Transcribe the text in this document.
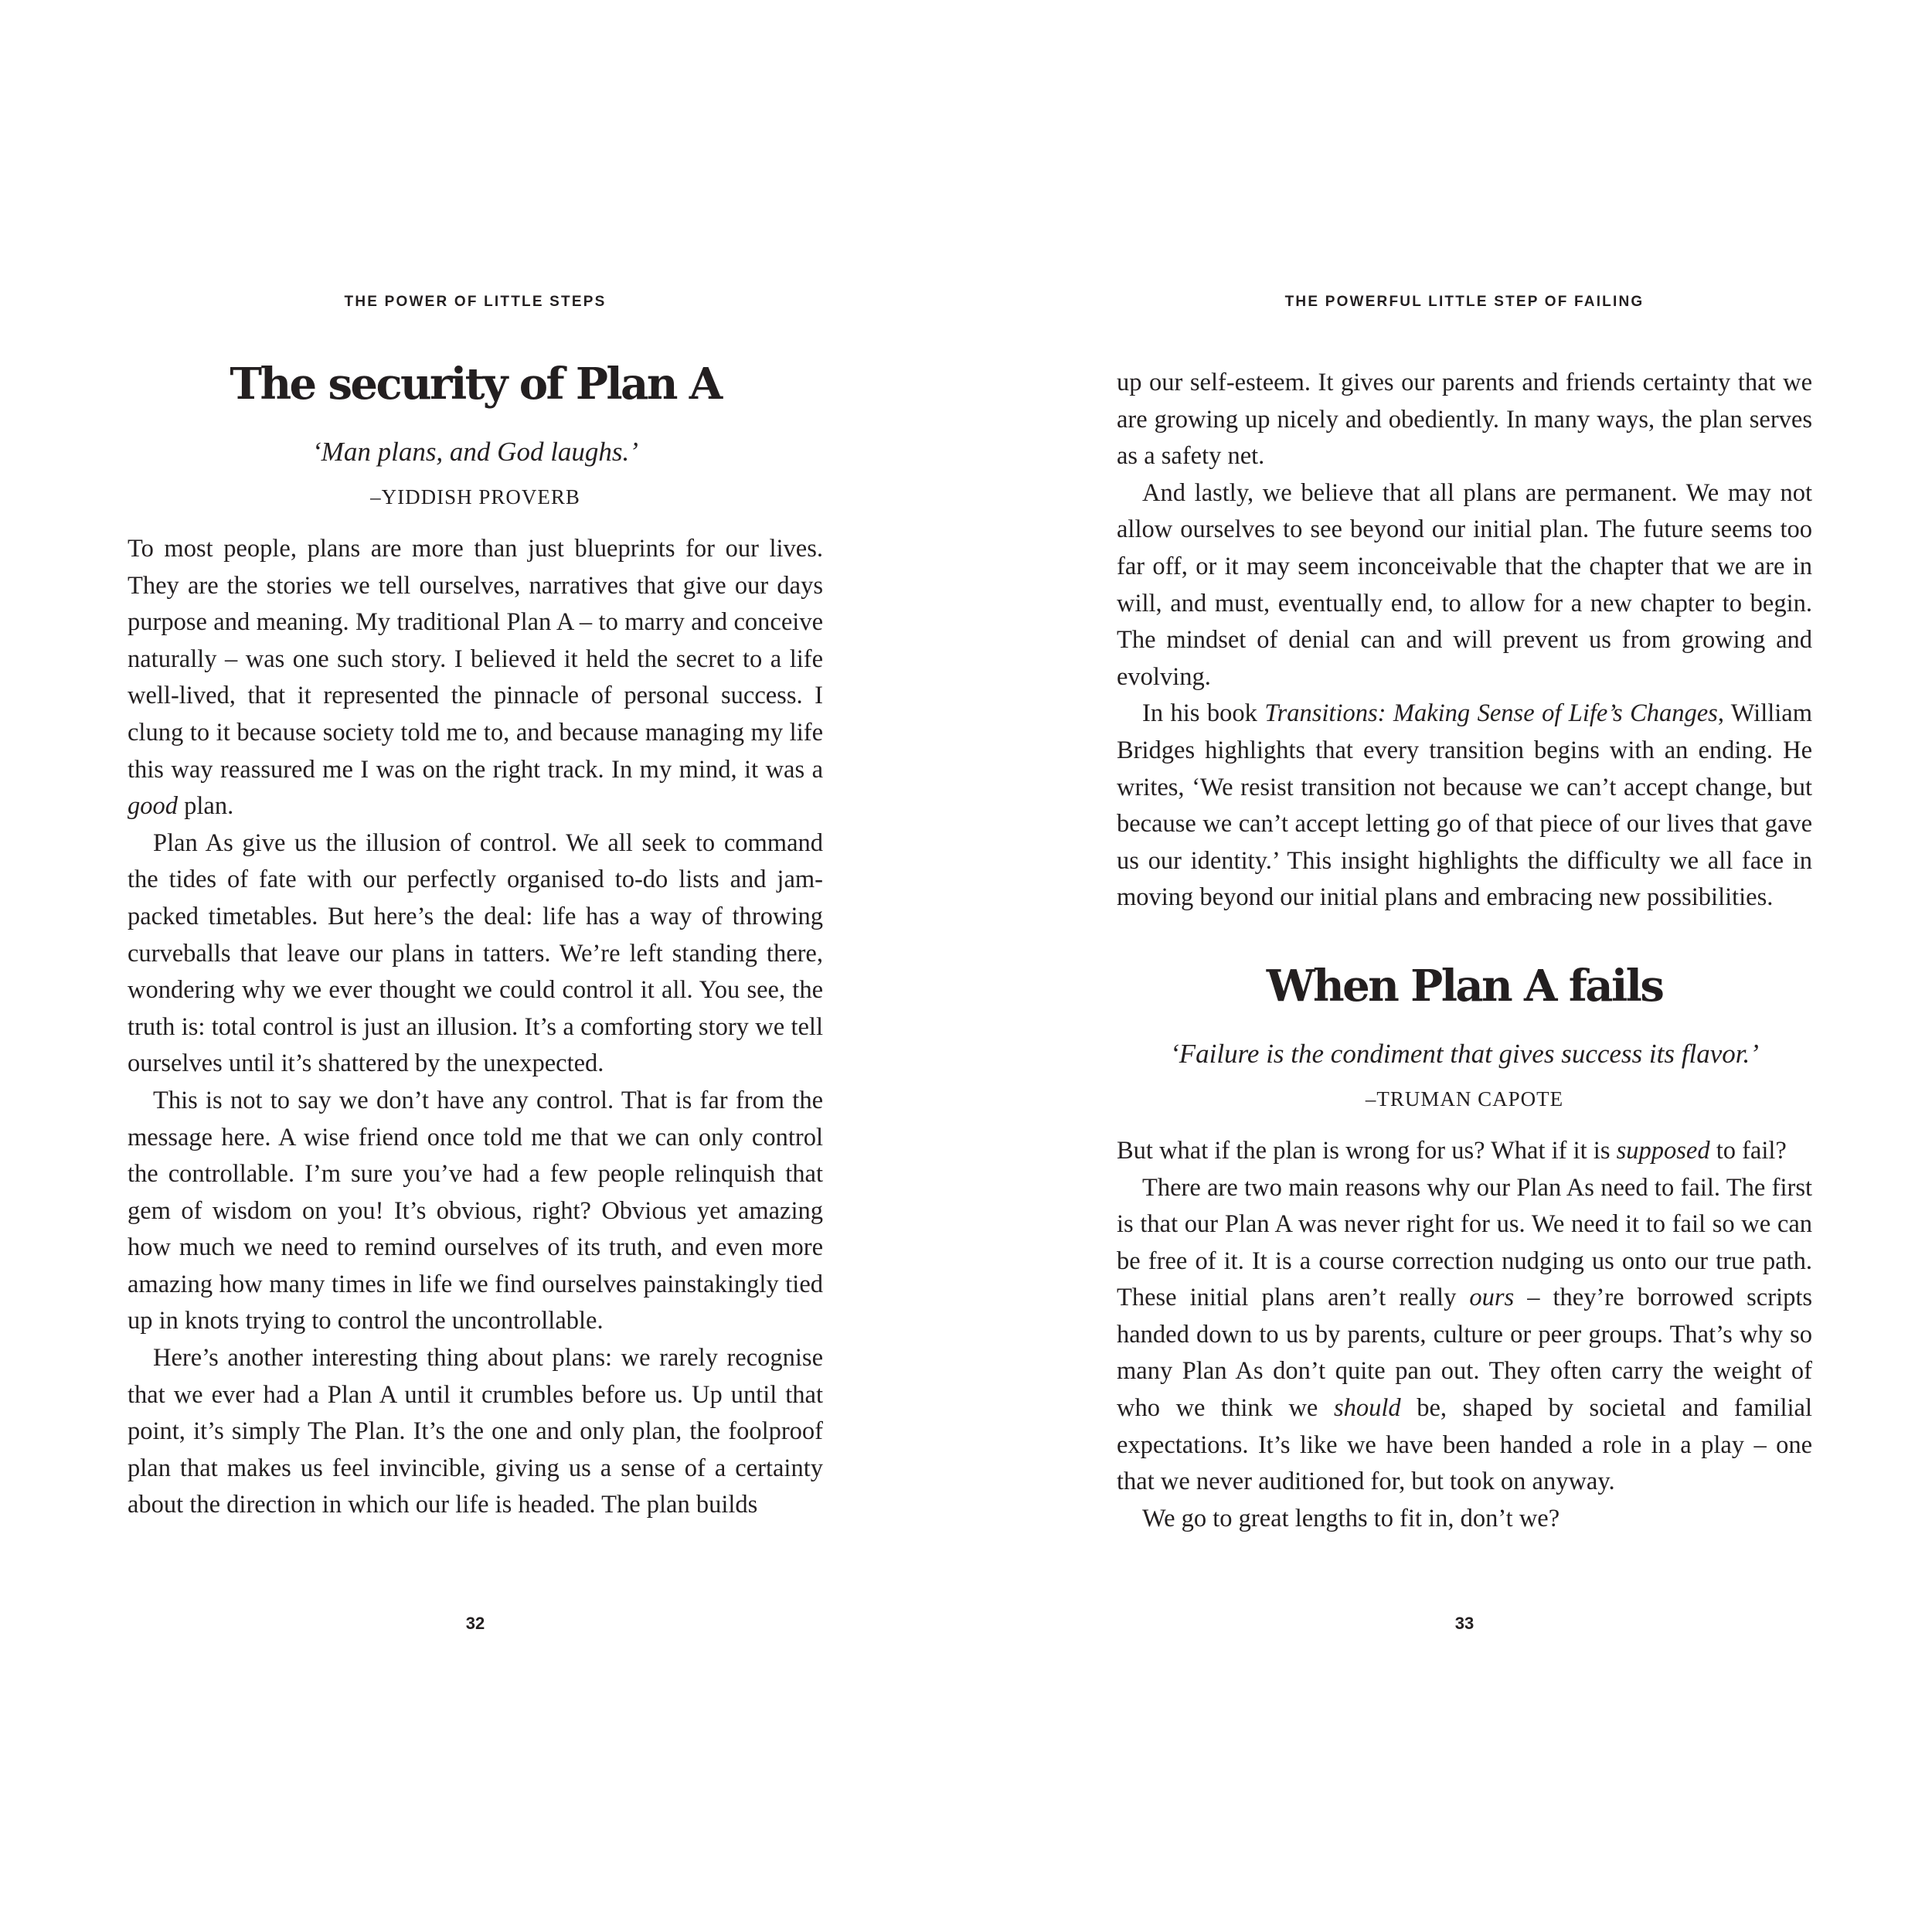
THE POWER OF LITTLE STEPS
The security of Plan A

‘Man plans, and God laughs.’

–YIDDISH PROVERB

To most people, plans are more than just blueprints for our lives. They are the stories we tell ourselves, narratives that give our days purpose and meaning. My traditional Plan A – to marry and conceive naturally – was one such story. I believed it held the secret to a life well-lived, that it represented the pinnacle of personal success. I clung to it because society told me to, and because managing my life this way reassured me I was on the right track. In my mind, it was a good plan.

Plan As give us the illusion of control. We all seek to command the tides of fate with our perfectly organised to-do lists and jam-packed timetables. But here’s the deal: life has a way of throwing curveballs that leave our plans in tatters. We’re left standing there, wondering why we ever thought we could control it all. You see, the truth is: total control is just an illusion. It’s a comforting story we tell ourselves until it’s shattered by the unexpected.

This is not to say we don’t have any control. That is far from the message here. A wise friend once told me that we can only control the controllable. I’m sure you’ve had a few people relinquish that gem of wisdom on you! It’s obvious, right? Obvious yet amazing how much we need to remind ourselves of its truth, and even more amazing how many times in life we find ourselves painstakingly tied up in knots trying to control the uncontrollable.

Here’s another interesting thing about plans: we rarely recognise that we ever had a Plan A until it crumbles before us. Up until that point, it’s simply The Plan. It’s the one and only plan, the foolproof plan that makes us feel invincible, giving us a sense of a certainty about the direction in which our life is headed. The plan builds

32
THE POWERFUL LITTLE STEP OF FAILING

up our self-esteem. It gives our parents and friends certainty that we are growing up nicely and obediently. In many ways, the plan serves as a safety net.

And lastly, we believe that all plans are permanent. We may not allow ourselves to see beyond our initial plan. The future seems too far off, or it may seem inconceivable that the chapter that we are in will, and must, eventually end, to allow for a new chapter to begin. The mindset of denial can and will prevent us from growing and evolving.

In his book Transitions: Making Sense of Life’s Changes, William Bridges highlights that every transition begins with an ending. He writes, ‘We resist transition not because we can’t accept change, but because we can’t accept letting go of that piece of our lives that gave us our identity.’ This insight highlights the difficulty we all face in moving beyond our initial plans and embracing new possibilities.

When Plan A fails

‘Failure is the condiment that gives success its flavor.’

–TRUMAN CAPOTE

But what if the plan is wrong for us? What if it is supposed to fail?

There are two main reasons why our Plan As need to fail. The first is that our Plan A was never right for us. We need it to fail so we can be free of it. It is a course correction nudging us onto our true path. These initial plans aren’t really ours – they’re borrowed scripts handed down to us by parents, culture or peer groups. That’s why so many Plan As don’t quite pan out. They often carry the weight of who we think we should be, shaped by societal and familial expectations. It’s like we have been handed a role in a play – one that we never auditioned for, but took on anyway.

We go to great lengths to fit in, don’t we?

33
